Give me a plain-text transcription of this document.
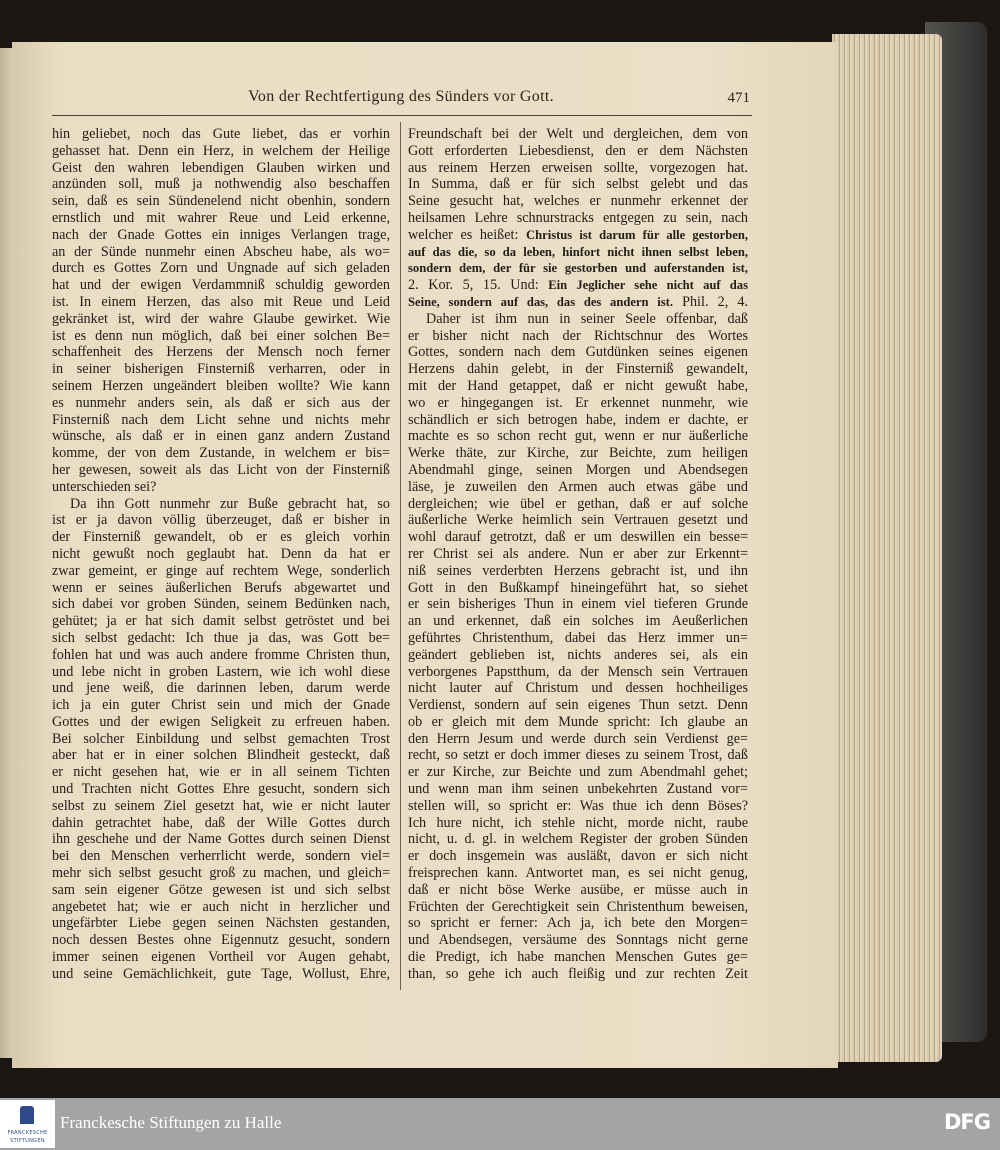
Von der Rechtfertigung des Sünders vor Gott.	471
hin geliebet, noch das Gute liebet, das er vorhin
gehasset hat. Denn ein Herz, in welchem der Heilige
Geist den wahren lebendigen Glauben wirken und
anzünden soll, muß ja nothwendig also beschaffen
sein, daß es sein Sündenelend nicht obenhin, sondern
ernstlich und mit wahrer Reue und Leid erkenne,
nach der Gnade Gottes ein inniges Verlangen trage,
an der Sünde nunmehr einen Abscheu habe, als wo=
durch es Gottes Zorn und Ungnade auf sich geladen
hat und der ewigen Verdammniß schuldig geworden
ist. In einem Herzen, das also mit Reue und Leid
gekränket ist, wird der wahre Glaube gewirket. Wie
ist es denn nun möglich, daß bei einer solchen Be=
schaffenheit des Herzens der Mensch noch ferner
in seiner bisherigen Finsterniß verharren, oder in
seinem Herzen ungeändert bleiben wollte? Wie kann
es nunmehr anders sein, als daß er sich aus der
Finsterniß nach dem Licht sehne und nichts mehr
wünsche, als daß er in einen ganz andern Zustand
komme, der von dem Zustande, in welchem er bis=
her gewesen, soweit als das Licht von der Finsterniß
unterschieden sei?
Da ihn Gott nunmehr zur Buße gebracht hat, so
ist er ja davon völlig überzeuget, daß er bisher in
der Finsterniß gewandelt, ob er es gleich vorhin
nicht gewußt noch geglaubt hat. Denn da hat er
zwar gemeint, er ginge auf rechtem Wege, sonderlich
wenn er seines äußerlichen Berufs abgewartet und
sich dabei vor groben Sünden, seinem Bedünken nach,
gehütet; ja er hat sich damit selbst getröstet und bei
sich selbst gedacht: Ich thue ja das, was Gott be=
fohlen hat und was auch andere fromme Christen thun,
und lebe nicht in groben Lastern, wie ich wohl diese
und jene weiß, die darinnen leben, darum werde
ich ja ein guter Christ sein und mich der Gnade
Gottes und der ewigen Seligkeit zu erfreuen haben.
Bei solcher Einbildung und selbst gemachten Trost
aber hat er in einer solchen Blindheit gesteckt, daß
er nicht gesehen hat, wie er in all seinem Tichten
und Trachten nicht Gottes Ehre gesucht, sondern sich
selbst zu seinem Ziel gesetzt hat, wie er nicht lauter
dahin getrachtet habe, daß der Wille Gottes durch
ihn geschehe und der Name Gottes durch seinen Dienst
bei den Menschen verherrlicht werde, sondern viel=
mehr sich selbst gesucht groß zu machen, und gleich=
sam sein eigener Götze gewesen ist und sich selbst
angebetet hat; wie er auch nicht in herzlicher und
ungefärbter Liebe gegen seinen Nächsten gestanden,
noch dessen Bestes ohne Eigennutz gesucht, sondern
immer seinen eigenen Vortheil vor Augen gehabt,
und seine Gemächlichkeit, gute Tage, Wollust, Ehre,
Freundschaft bei der Welt und dergleichen, dem von
Gott erforderten Liebesdienst, den er dem Nächsten
aus reinem Herzen erweisen sollte, vorgezogen hat.
In Summa, daß er für sich selbst gelebt und das
Seine gesucht hat, welches er nunmehr erkennet der
heilsamen Lehre schnurstracks entgegen zu sein, nach
welcher es heißet: Christus ist darum für alle gestorben,
auf das die, so da leben, hinfort nicht ihnen selbst leben,
sondern dem, der für sie gestorben und auferstanden ist,
2. Kor. 5, 15. Und: Ein Jeglicher sehe nicht auf das
Seine, sondern auf das, das des andern ist. Phil. 2, 4.
Daher ist ihm nun in seiner Seele offenbar, daß
er bisher nicht nach der Richtschnur des Wortes
Gottes, sondern nach dem Gutdünken seines eigenen
Herzens dahin gelebt, in der Finsterniß gewandelt,
mit der Hand getappet, daß er nicht gewußt habe,
wo er hingegangen ist. Er erkennet nunmehr, wie
schändlich er sich betrogen habe, indem er dachte, er
machte es so schon recht gut, wenn er nur äußerliche
Werke thäte, zur Kirche, zur Beichte, zum heiligen
Abendmahl ginge, seinen Morgen und Abendsegen
läse, je zuweilen den Armen auch etwas gäbe und
dergleichen; wie übel er gethan, daß er auf solche
äußerliche Werke heimlich sein Vertrauen gesetzt und
wohl darauf getrotzt, daß er um deswillen ein besse=
rer Christ sei als andere. Nun er aber zur Erkennt=
niß seines verderbten Herzens gebracht ist, und ihn
Gott in den Bußkampf hineingeführt hat, so siehet
er sein bisheriges Thun in einem viel tieferen Grunde
an und erkennet, daß ein solches im Aeußerlichen
geführtes Christenthum, dabei das Herz immer un=
geändert geblieben ist, nichts anderes sei, als ein
verborgenes Papstthum, da der Mensch sein Vertrauen
nicht lauter auf Christum und dessen hochheiliges
Verdienst, sondern auf sein eigenes Thun setzt. Denn
ob er gleich mit dem Munde spricht: Ich glaube an
den Herrn Jesum und werde durch sein Verdienst ge=
recht, so setzt er doch immer dieses zu seinem Trost, daß
er zur Kirche, zur Beichte und zum Abendmahl gehet;
und wenn man ihm seinen unbekehrten Zustand vor=
stellen will, so spricht er: Was thue ich denn Böses?
Ich hure nicht, ich stehle nicht, morde nicht, raube
nicht, u. d. gl. in welchem Register der groben Sünden
er doch insgemein was ausläßt, davon er sich nicht
freisprechen kann. Antwortet man, es sei nicht genug,
daß er nicht böse Werke ausübe, er müsse auch in
Früchten der Gerechtigkeit sein Christenthum beweisen,
so spricht er ferner: Ach ja, ich bete den Morgen=
und Abendsegen, versäume des Sonntags nicht gerne
die Predigt, ich habe manchen Menschen Gutes ge=
than, so gehe ich auch fleißig und zur rechten Zeit
FRANCKESCHE
STIFTUNGEN
Franckesche Stiftungen zu Halle	DFG
